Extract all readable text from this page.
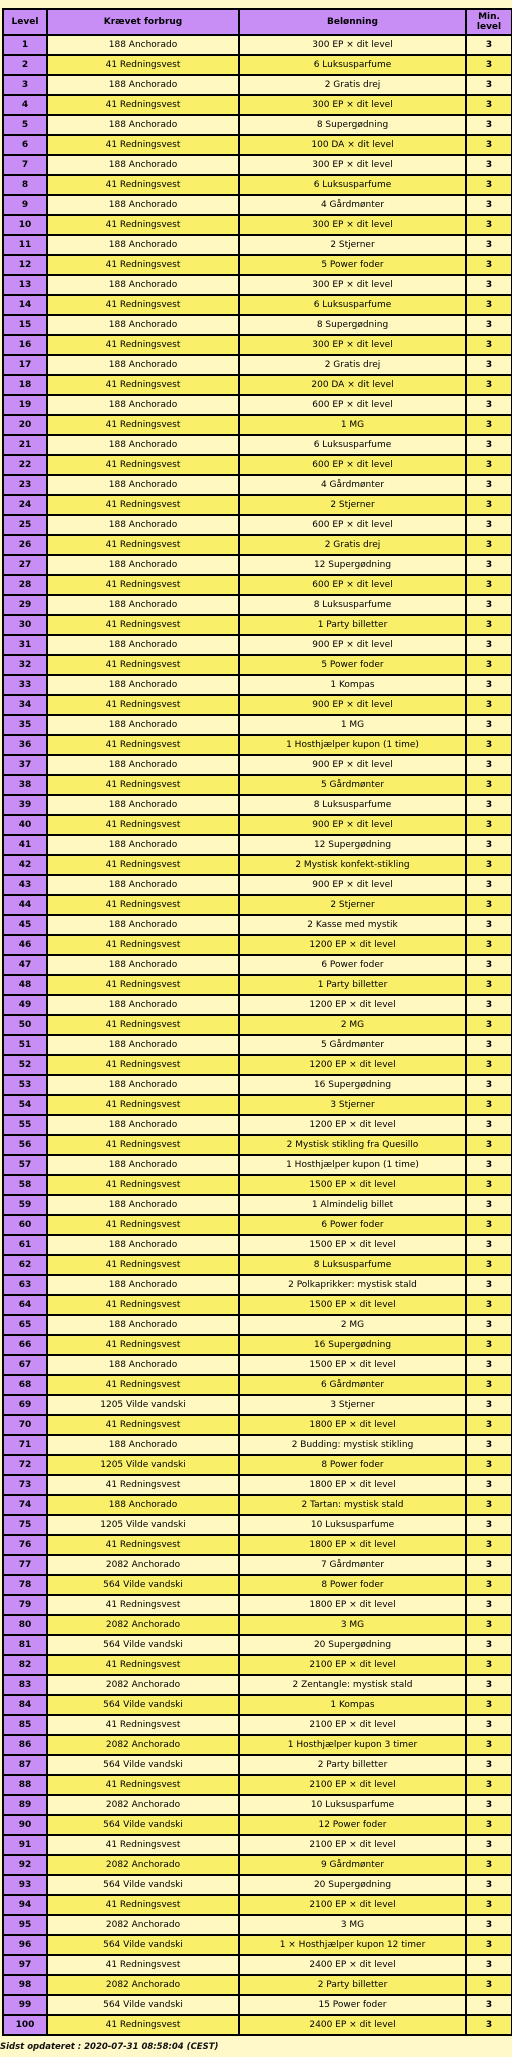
Level	Krævet forbrug	Belønning	Min. level
1	188 Anchorado	300 EP × dit level	3
2	41 Redningsvest	6 Luksusparfume	3
3	188 Anchorado	2 Gratis drej	3
4	41 Redningsvest	300 EP × dit level	3
5	188 Anchorado	8 Supergødning	3
6	41 Redningsvest	100 DA × dit level	3
7	188 Anchorado	300 EP × dit level	3
8	41 Redningsvest	6 Luksusparfume	3
9	188 Anchorado	4 Gårdmønter	3
10	41 Redningsvest	300 EP × dit level	3
11	188 Anchorado	2 Stjerner	3
12	41 Redningsvest	5 Power foder	3
13	188 Anchorado	300 EP × dit level	3
14	41 Redningsvest	6 Luksusparfume	3
15	188 Anchorado	8 Supergødning	3
16	41 Redningsvest	300 EP × dit level	3
17	188 Anchorado	2 Gratis drej	3
18	41 Redningsvest	200 DA × dit level	3
19	188 Anchorado	600 EP × dit level	3
20	41 Redningsvest	1 MG	3
21	188 Anchorado	6 Luksusparfume	3
22	41 Redningsvest	600 EP × dit level	3
23	188 Anchorado	4 Gårdmønter	3
24	41 Redningsvest	2 Stjerner	3
25	188 Anchorado	600 EP × dit level	3
26	41 Redningsvest	2 Gratis drej	3
27	188 Anchorado	12 Supergødning	3
28	41 Redningsvest	600 EP × dit level	3
29	188 Anchorado	8 Luksusparfume	3
30	41 Redningsvest	1 Party billetter	3
31	188 Anchorado	900 EP × dit level	3
32	41 Redningsvest	5 Power foder	3
33	188 Anchorado	1 Kompas	3
34	41 Redningsvest	900 EP × dit level	3
35	188 Anchorado	1 MG	3
36	41 Redningsvest	1 Hosthjælper kupon (1 time)	3
37	188 Anchorado	900 EP × dit level	3
38	41 Redningsvest	5 Gårdmønter	3
39	188 Anchorado	8 Luksusparfume	3
40	41 Redningsvest	900 EP × dit level	3
41	188 Anchorado	12 Supergødning	3
42	41 Redningsvest	2 Mystisk konfekt-stikling	3
43	188 Anchorado	900 EP × dit level	3
44	41 Redningsvest	2 Stjerner	3
45	188 Anchorado	2 Kasse med mystik	3
46	41 Redningsvest	1200 EP × dit level	3
47	188 Anchorado	6 Power foder	3
48	41 Redningsvest	1 Party billetter	3
49	188 Anchorado	1200 EP × dit level	3
50	41 Redningsvest	2 MG	3
51	188 Anchorado	5 Gårdmønter	3
52	41 Redningsvest	1200 EP × dit level	3
53	188 Anchorado	16 Supergødning	3
54	41 Redningsvest	3 Stjerner	3
55	188 Anchorado	1200 EP × dit level	3
56	41 Redningsvest	2 Mystisk stikling fra Quesillo	3
57	188 Anchorado	1 Hosthjælper kupon (1 time)	3
58	41 Redningsvest	1500 EP × dit level	3
59	188 Anchorado	1 Almindelig billet	3
60	41 Redningsvest	6 Power foder	3
61	188 Anchorado	1500 EP × dit level	3
62	41 Redningsvest	8 Luksusparfume	3
63	188 Anchorado	2 Polkaprikker: mystisk stald	3
64	41 Redningsvest	1500 EP × dit level	3
65	188 Anchorado	2 MG	3
66	41 Redningsvest	16 Supergødning	3
67	188 Anchorado	1500 EP × dit level	3
68	41 Redningsvest	6 Gårdmønter	3
69	1205 Vilde vandski	3 Stjerner	3
70	41 Redningsvest	1800 EP × dit level	3
71	188 Anchorado	2 Budding: mystisk stikling	3
72	1205 Vilde vandski	8 Power foder	3
73	41 Redningsvest	1800 EP × dit level	3
74	188 Anchorado	2 Tartan: mystisk stald	3
75	1205 Vilde vandski	10 Luksusparfume	3
76	41 Redningsvest	1800 EP × dit level	3
77	2082 Anchorado	7 Gårdmønter	3
78	564 Vilde vandski	8 Power foder	3
79	41 Redningsvest	1800 EP × dit level	3
80	2082 Anchorado	3 MG	3
81	564 Vilde vandski	20 Supergødning	3
82	41 Redningsvest	2100 EP × dit level	3
83	2082 Anchorado	2 Zentangle: mystisk stald	3
84	564 Vilde vandski	1 Kompas	3
85	41 Redningsvest	2100 EP × dit level	3
86	2082 Anchorado	1 Hosthjælper kupon 3 timer	3
87	564 Vilde vandski	2 Party billetter	3
88	41 Redningsvest	2100 EP × dit level	3
89	2082 Anchorado	10 Luksusparfume	3
90	564 Vilde vandski	12 Power foder	3
91	41 Redningsvest	2100 EP × dit level	3
92	2082 Anchorado	9 Gårdmønter	3
93	564 Vilde vandski	20 Supergødning	3
94	41 Redningsvest	2100 EP × dit level	3
95	2082 Anchorado	3 MG	3
96	564 Vilde vandski	1 × Hosthjælper kupon 12 timer	3
97	41 Redningsvest	2400 EP × dit level	3
98	2082 Anchorado	2 Party billetter	3
99	564 Vilde vandski	15 Power foder	3
100	41 Redningsvest	2400 EP × dit level	3
Sidst opdateret : 2020-07-31 08:58:04 (CEST)
